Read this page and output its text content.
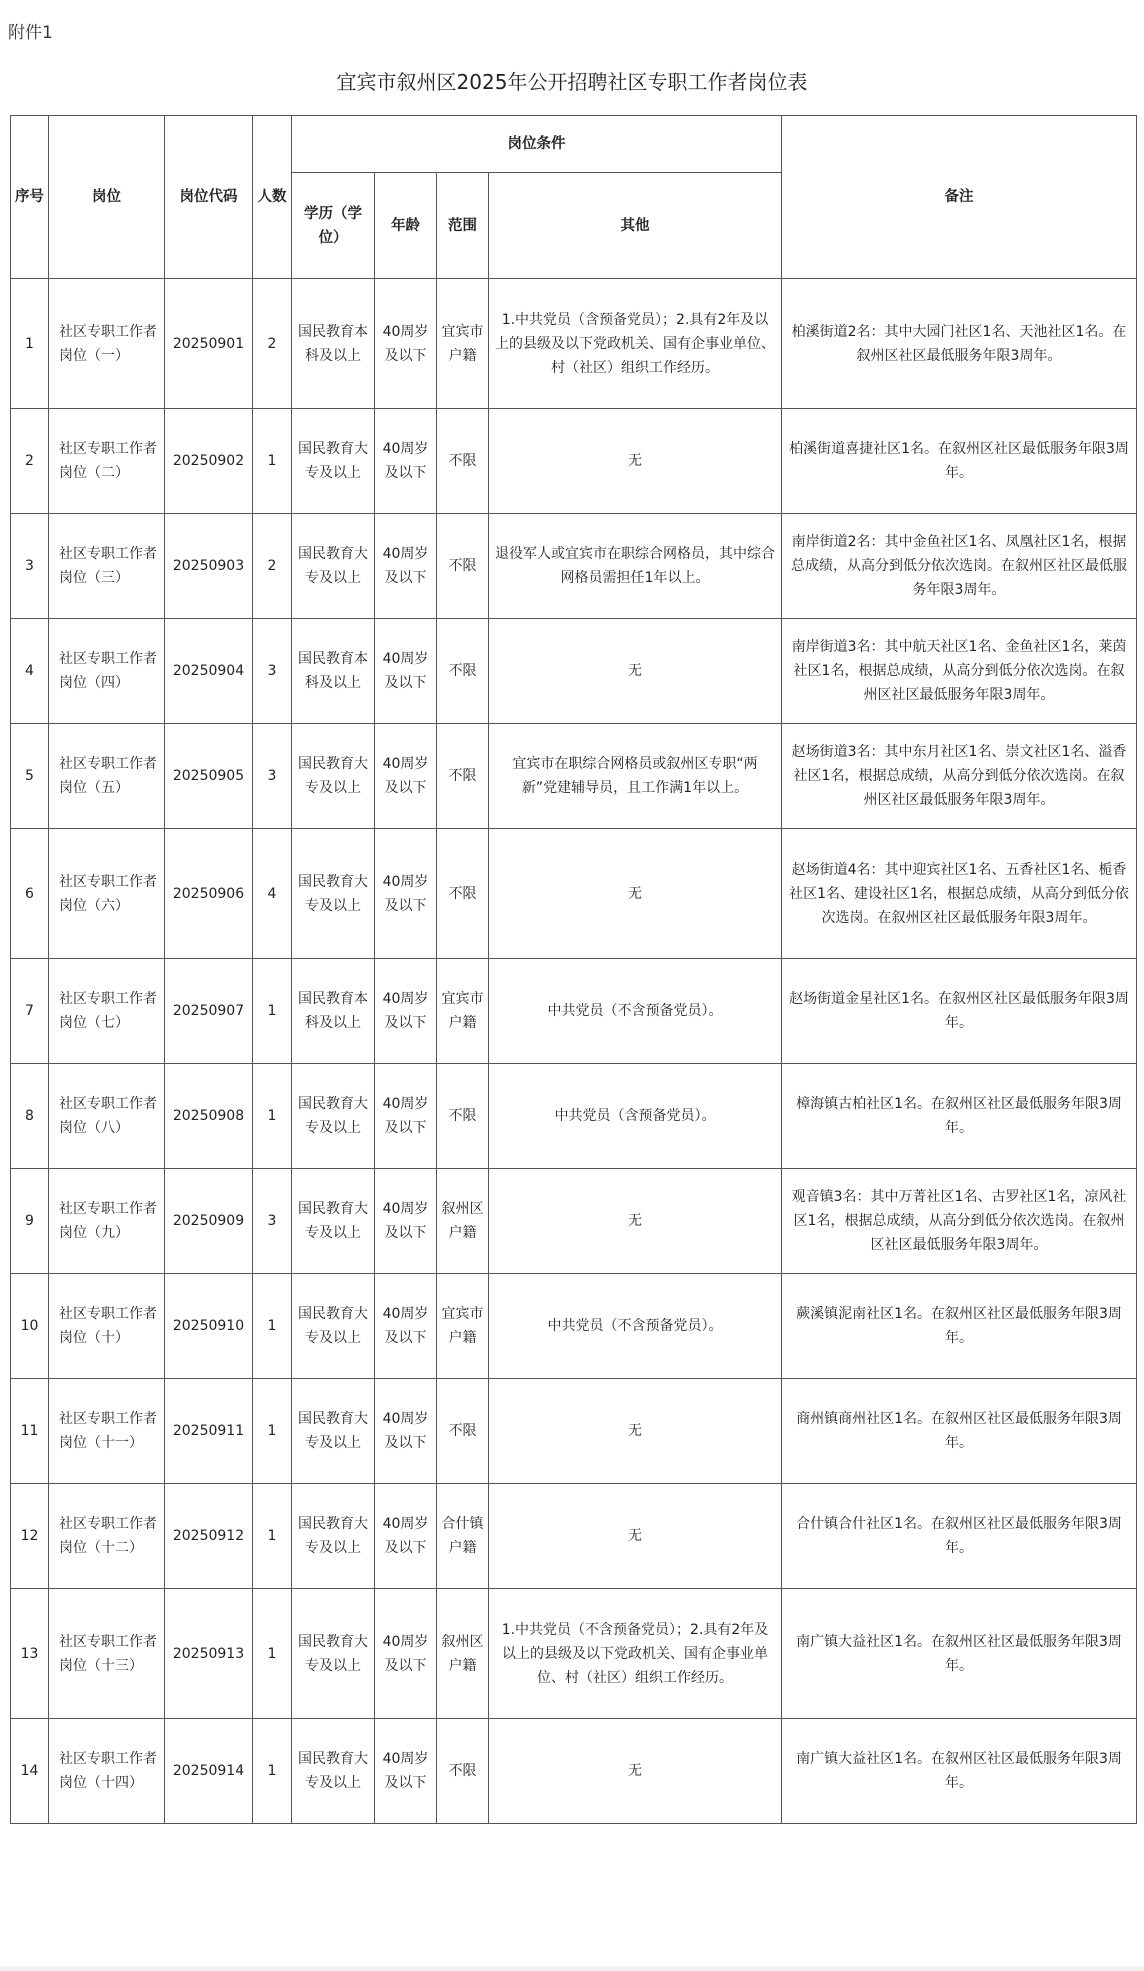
附件1
宜宾市叙州区2025年公开招聘社区专职工作者岗位表
序号	岗位	岗位代码	人数	岗位条件				备注
				学历（学位）	年龄	范围	其他	
1	社区专职工作者岗位（一）	20250901	2	国民教育本科及以上	40周岁及以下	宜宾市户籍	1.中共党员（含预备党员）；2.具有2年及以上的县级及以下党政机关、国有企事业单位、村（社区）组织工作经历。	柏溪街道2名：其中大园门社区1名、天池社区1名。在叙州区社区最低服务年限3周年。
2	社区专职工作者岗位（二）	20250902	1	国民教育大专及以上	40周岁及以下	不限	无	柏溪街道喜捷社区1名。在叙州区社区最低服务年限3周年。
3	社区专职工作者岗位（三）	20250903	2	国民教育大专及以上	40周岁及以下	不限	退役军人或宜宾市在职综合网格员，其中综合网格员需担任1年以上。	南岸街道2名：其中金鱼社区1名、凤凰社区1名，根据总成绩，从高分到低分依次选岗。在叙州区社区最低服务年限3周年。
4	社区专职工作者岗位（四）	20250904	3	国民教育本科及以上	40周岁及以下	不限	无	南岸街道3名：其中航天社区1名、金鱼社区1名，莱茵社区1名，根据总成绩，从高分到低分依次选岗。在叙州区社区最低服务年限3周年。
5	社区专职工作者岗位（五）	20250905	3	国民教育大专及以上	40周岁及以下	不限	宜宾市在职综合网格员或叙州区专职“两新”党建辅导员，且工作满1年以上。	赵场街道3名：其中东月社区1名、崇文社区1名、溢香社区1名，根据总成绩，从高分到低分依次选岗。在叙州区社区最低服务年限3周年。
6	社区专职工作者岗位（六）	20250906	4	国民教育大专及以上	40周岁及以下	不限	无	赵场街道4名：其中迎宾社区1名、五香社区1名、栀香社区1名、建设社区1名，根据总成绩，从高分到低分依次选岗。在叙州区社区最低服务年限3周年。
7	社区专职工作者岗位（七）	20250907	1	国民教育本科及以上	40周岁及以下	宜宾市户籍	中共党员（不含预备党员）。	赵场街道金星社区1名。在叙州区社区最低服务年限3周年。
8	社区专职工作者岗位（八）	20250908	1	国民教育大专及以上	40周岁及以下	不限	中共党员（含预备党员）。	樟海镇古柏社区1名。在叙州区社区最低服务年限3周年。
9	社区专职工作者岗位（九）	20250909	3	国民教育大专及以上	40周岁及以下	叙州区户籍	无	观音镇3名：其中万菁社区1名、古罗社区1名，凉风社区1名，根据总成绩，从高分到低分依次选岗。在叙州区社区最低服务年限3周年。
10	社区专职工作者岗位（十）	20250910	1	国民教育大专及以上	40周岁及以下	宜宾市户籍	中共党员（不含预备党员）。	蕨溪镇泥南社区1名。在叙州区社区最低服务年限3周年。
11	社区专职工作者岗位（十一）	20250911	1	国民教育大专及以上	40周岁及以下	不限	无	商州镇商州社区1名。在叙州区社区最低服务年限3周年。
12	社区专职工作者岗位（十二）	20250912	1	国民教育大专及以上	40周岁及以下	合什镇户籍	无	合什镇合什社区1名。在叙州区社区最低服务年限3周年。
13	社区专职工作者岗位（十三）	20250913	1	国民教育大专及以上	40周岁及以下	叙州区户籍	1.中共党员（不含预备党员）；2.具有2年及以上的县级及以下党政机关、国有企事业单位、村（社区）组织工作经历。	南广镇大益社区1名。在叙州区社区最低服务年限3周年。
14	社区专职工作者岗位（十四）	20250914	1	国民教育大专及以上	40周岁及以下	不限	无	南广镇大益社区1名。在叙州区社区最低服务年限3周年。
